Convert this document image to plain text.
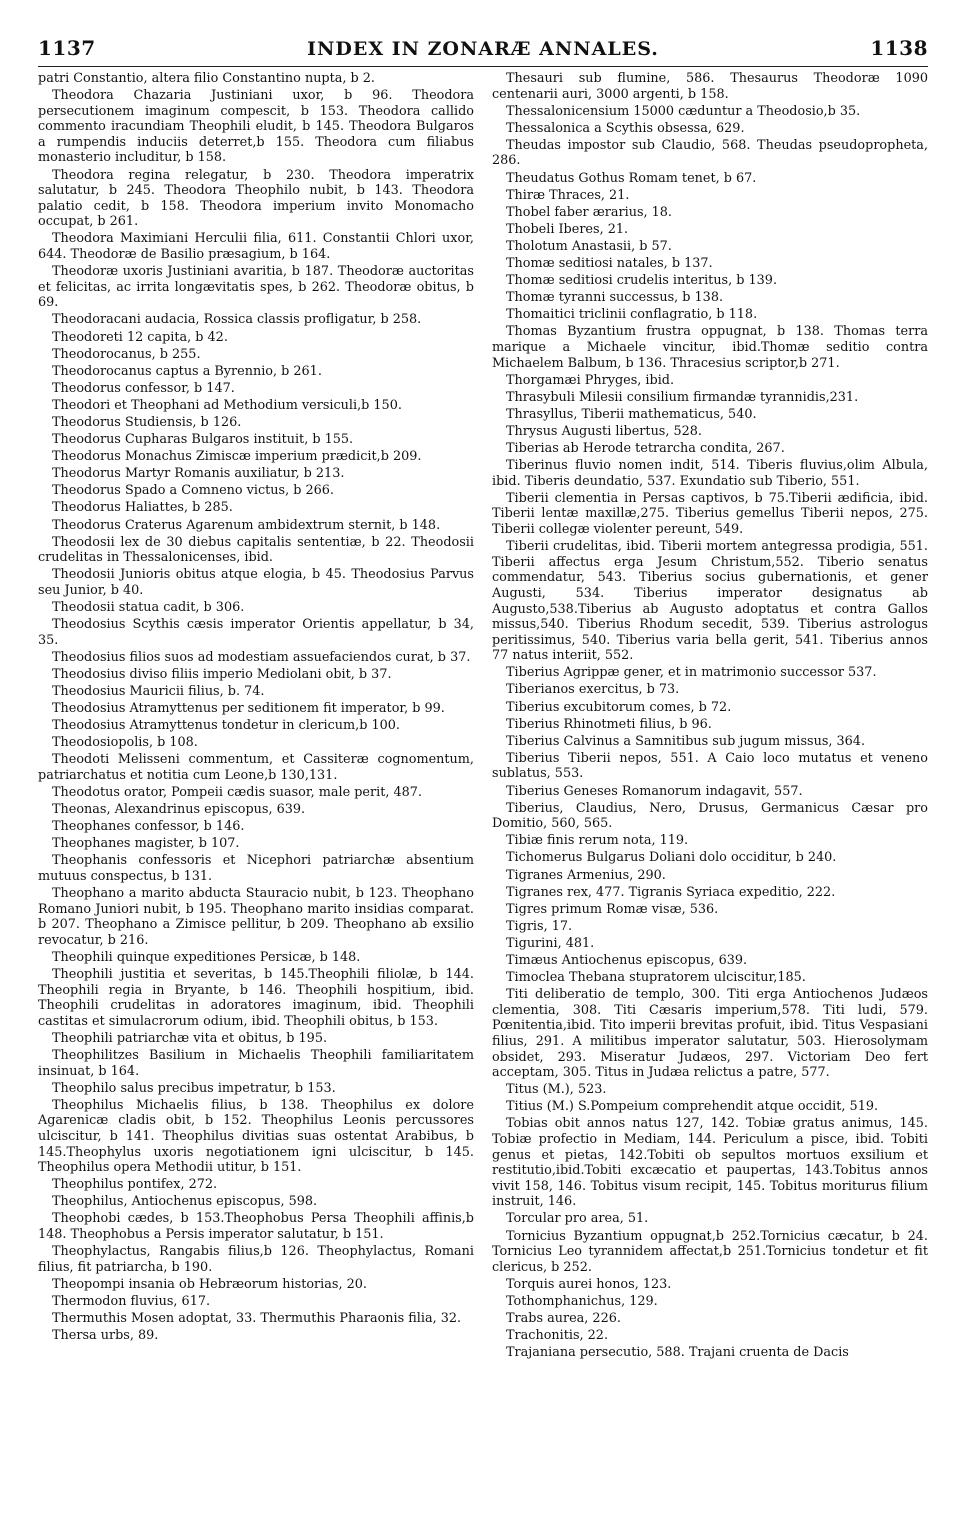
1137	INDEX IN ZONARÆ ANNALES.	1138

patri Constantio, altera filio Constantino nupta, b 2.

Theodora Chazaria Justiniani uxor, b 96. Theodora persecutionem imaginum compescit, b 153. Theodora callido commento iracundiam Theophili eludit, b 145. Theodora Bulgaros a rumpendis induciis deterret,b 155. Theodora cum filiabus monasterio includitur, b 158.

Theodora regina relegatur, b 230. Theodora imperatrix salutatur, b 245. Theodora Theophilo nubit, b 143. Theodora palatio cedit, b 158. Theodora imperium invito Monomacho occupat, b 261.

Theodora Maximiani Herculii filia, 611. Constantii Chlori uxor, 644. Theodoræ de Basilio præsagium, b 164.

Theodoræ uxoris Justiniani avaritia, b 187. Theodoræ auctoritas et felicitas, ac irrita longævitatis spes, b 262. Theodoræ obitus, b 69.

Theodoracani audacia, Rossica classis profligatur, b 258.

Theodoreti 12 capita, b 42.

Theodorocanus, b 255.

Theodorocanus captus a Byrennio, b 261.

Theodorus confessor, b 147.

Theodori et Theophani ad Methodium versiculi,b 150.

Theodorus Studiensis, b 126.

Theodorus Cupharas Bulgaros instituit, b 155.

Theodorus Monachus Zimiscæ imperium prædicit,b 209.

Theodorus Martyr Romanis auxiliatur, b 213.

Theodorus Spado a Comneno victus, b 266.

Theodorus Haliattes, b 285.

Theodorus Craterus Agarenum ambidextrum sternit, b 148.

Theodosii lex de 30 diebus capitalis sententiæ, b 22. Theodosii crudelitas in Thessalonicenses, ibid.

Theodosii Junioris obitus atque elogia, b 45. Theodosius Parvus seu Junior, b 40.

Theodosii statua cadit, b 306.

Theodosius Scythis cæsis imperator Orientis appellatur, b 34, 35.

Theodosius filios suos ad modestiam assuefaciendos curat, b 37.

Theodosius diviso filiis imperio Mediolani obit, b 37.

Theodosius Mauricii filius, b. 74.

Theodosius Atramyttenus per seditionem fit imperator, b 99.

Theodosius Atramyttenus tondetur in clericum,b 100.

Theodosiopolis, b 108.

Theodoti Melisseni commentum, et Cassiteræ cognomentum, patriarchatus et notitia cum Leone,b 130,131.

Theodotus orator, Pompeii cædis suasor, male perit, 487.

Theonas, Alexandrinus episcopus, 639.

Theophanes confessor, b 146.

Theophanes magister, b 107.

Theophanis confessoris et Nicephori patriarchæ absentium mutuus conspectus, b 131.

Theophano a marito abducta Stauracio nubit, b 123. Theophano Romano Juniori nubit, b 195. Theophano marito insidias comparat. b 207. Theophano a Zimisce pellitur, b 209. Theophano ab exsilio revocatur, b 216.

Theophili quinque expeditiones Persicæ, b 148.

Theophili justitia et severitas, b 145.Theophili filiolæ, b 144. Theophili regia in Bryante, b 146. Theophili hospitium, ibid. Theophili crudelitas in adoratores imaginum, ibid. Theophili castitas et simulacrorum odium, ibid. Theophili obitus, b 153.

Theophili patriarchæ vita et obitus, b 195.

Theophilitzes Basilium in Michaelis Theophili familiaritatem insinuat, b 164.

Theophilo salus precibus impetratur, b 153.

Theophilus Michaelis filius, b 138. Theophilus ex dolore Agarenicæ cladis obit, b 152. Theophilus Leonis percussores ulciscitur, b 141. Theophilus divitias suas ostentat Arabibus, b 145.Theophylus uxoris negotiationem igni ulciscitur, b 145. Theophilus opera Methodii utitur, b 151.

Theophilus pontifex, 272.

Theophilus, Antiochenus episcopus, 598.

Theophobi cædes, b 153.Theophobus Persa Theophili affinis,b 148. Theophobus a Persis imperator salutatur, b 151.

Theophylactus, Rangabis filius,b 126. Theophylactus, Romani filius, fit patriarcha, b 190.

Theopompi insania ob Hebræorum historias, 20.

Thermodon fluvius, 617.

Thermuthis Mosen adoptat, 33. Thermuthis Pharaonis filia, 32.

Thersa urbs, 89.

Thesauri sub flumine, 586. Thesaurus Theodoræ 1090 centenarii auri, 3000 argenti, b 158.

Thessalonicensium 15000 cæduntur a Theodosio,b 35.

Thessalonica a Scythis obsessa, 629.

Theudas impostor sub Claudio, 568. Theudas pseudopropheta, 286.

Theudatus Gothus Romam tenet, b 67.

Thiræ Thraces, 21.

Thobel faber ærarius, 18.

Thobeli Iberes, 21.

Tholotum Anastasii, b 57.

Thomæ seditiosi natales, b 137.

Thomæ seditiosi crudelis interitus, b 139.

Thomæ tyranni successus, b 138.

Thomaitici triclinii conflagratio, b 118.

Thomas Byzantium frustra oppugnat, b 138. Thomas terra marique a Michaele vincitur, ibid.Thomæ seditio contra Michaelem Balbum, b 136. Thracesius scriptor,b 271.

Thorgamæi Phryges, ibid.

Thrasybuli Milesii consilium firmandæ tyrannidis,231.

Thrasyllus, Tiberii mathematicus, 540.

Thrysus Augusti libertus, 528.

Tiberias ab Herode tetrarcha condita, 267.

Tiberinus fluvio nomen indit, 514. Tiberis fluvius,olim Albula, ibid. Tiberis deundatio, 537. Exundatio sub Tiberio, 551.

Tiberii clementia in Persas captivos, b 75.Tiberii ædificia, ibid. Tiberii lentæ maxillæ,275. Tiberius gemellus Tiberii nepos, 275. Tiberii collegæ violenter pereunt, 549.

Tiberii crudelitas, ibid. Tiberii mortem antegressa prodigia, 551. Tiberii affectus erga Jesum Christum,552. Tiberio senatus commendatur, 543. Tiberius socius gubernationis, et gener Augusti, 534. Tiberius imperator designatus ab Augusto,538.Tiberius ab Augusto adoptatus et contra Gallos missus,540. Tiberius Rhodum secedit, 539. Tiberius astrologus peritissimus, 540. Tiberius varia bella gerit, 541. Tiberius annos 77 natus interiit, 552.

Tiberius Agrippæ gener, et in matrimonio successor 537.

Tiberianos exercitus, b 73.

Tiberius excubitorum comes, b 72.

Tiberius Rhinotmeti filius, b 96.

Tiberius Calvinus a Samnitibus sub jugum missus, 364.

Tiberius Tiberii nepos, 551. A Caio loco mutatus et veneno sublatus, 553.

Tiberius Geneses Romanorum indagavit, 557.

Tiberius, Claudius, Nero, Drusus, Germanicus Cæsar pro Domitio, 560, 565.

Tibiæ finis rerum nota, 119.

Tichomerus Bulgarus Doliani dolo occiditur, b 240.

Tigranes Armenius, 290.

Tigranes rex, 477. Tigranis Syriaca expeditio, 222.

Tigres primum Romæ visæ, 536.

Tigris, 17.

Tigurini, 481.

Timæus Antiochenus episcopus, 639.

Timoclea Thebana stupratorem ulciscitur,185.

Titi deliberatio de templo, 300. Titi erga Antiochenos Judæos clementia, 308. Titi Cæsaris imperium,578. Titi ludi, 579. Pœnitentia,ibid. Tito imperii brevitas profuit, ibid. Titus Vespasiani filius, 291. A militibus imperator salutatur, 503. Hierosolymam obsidet, 293. Miseratur Judæos, 297. Victoriam Deo fert acceptam, 305. Titus in Judæa relictus a patre, 577.

Titus (M.), 523.

Titius (M.) S.Pompeium comprehendit atque occidit, 519.

Tobias obit annos natus 127, 142. Tobiæ gratus animus, 145. Tobiæ profectio in Mediam, 144. Periculum a pisce, ibid. Tobiti genus et pietas, 142.Tobiti ob sepultos mortuos exsilium et restitutio,ibid.Tobiti excæcatio et paupertas, 143.Tobitus annos vivit 158, 146. Tobitus visum recipit, 145. Tobitus moriturus filium instruit, 146.

Torcular pro area, 51.

Tornicius Byzantium oppugnat,b 252.Tornicius cæcatur, b 24. Tornicius Leo tyrannidem affectat,b 251.Tornicius tondetur et fit clericus, b 252.

Torquis aurei honos, 123.

Tothomphanichus, 129.

Trabs aurea, 226.

Trachonitis, 22.

Trajaniana persecutio, 588. Trajani cruenta de Dacis
